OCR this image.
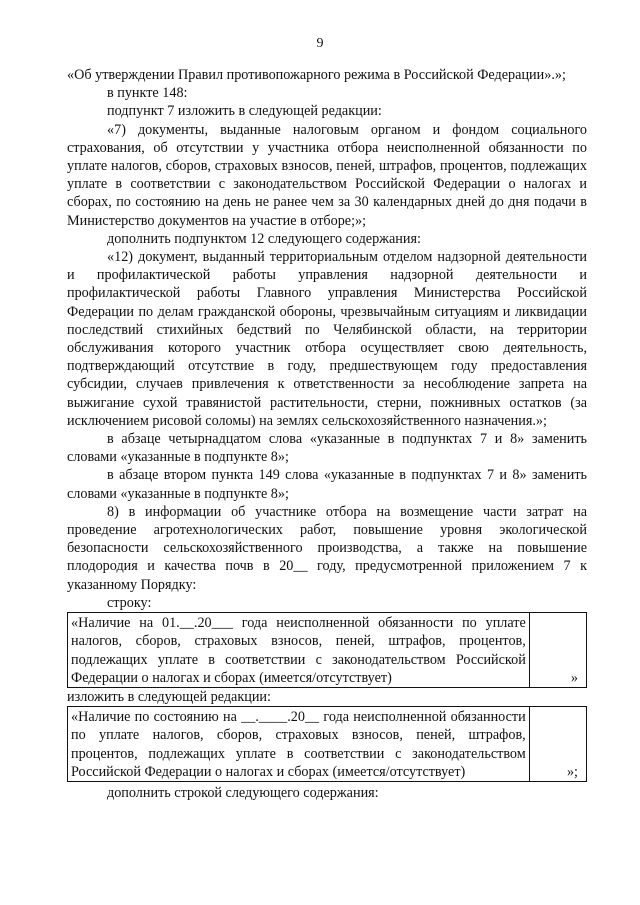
9

«Об утверждении Правил противопожарного режима в Российской Федерации».»;

в пункте 148:

подпункт 7 изложить в следующей редакции:

«7) документы, выданные налоговым органом и фондом социального страхования, об отсутствии у участника отбора неисполненной обязанности по уплате налогов, сборов, страховых взносов, пеней, штрафов, процентов, подлежащих уплате в соответствии с законодательством Российской Федерации о налогах и сборах, по состоянию на день не ранее чем за 30 календарных дней до дня подачи в Министерство документов на участие в отборе;»;

дополнить подпунктом 12 следующего содержания:

«12) документ, выданный территориальным отделом надзорной деятельности и профилактической работы управления надзорной деятельности и профилактической работы Главного управления Министерства Российской Федерации по делам гражданской обороны, чрезвычайным ситуациям и ликвидации последствий стихийных бедствий по Челябинской области, на территории обслуживания которого участник отбора осуществляет свою деятельность, подтверждающий отсутствие в году, предшествующем году предоставления субсидии, случаев привлечения к ответственности за несоблюдение запрета на выжигание сухой травянистой растительности, стерни, пожнивных остатков (за исключением рисовой соломы) на землях сельскохозяйственного назначения.»;

в абзаце четырнадцатом слова «указанные в подпунктах 7 и 8» заменить словами «указанные в подпункте 8»;

в абзаце втором пункта 149 слова «указанные в подпунктах 7 и 8» заменить словами «указанные в подпункте 8»;

8) в информации об участнике отбора на возмещение части затрат на проведение агротехнологических работ, повышение уровня экологической безопасности сельскохозяйственного производства, а также на повышение плодородия и качества почв в 20__ году, предусмотренной приложением 7 к указанному Порядку:

строку:

«Наличие на 01.__.20___ года неисполненной обязанности по уплате налогов, сборов, страховых взносов, пеней, штрафов, процентов, подлежащих уплате в соответствии с законодательством Российской Федерации о налогах и сборах (имеется/отсутствует)	»

изложить в следующей редакции:

«Наличие по состоянию на __.____.20__ года неисполненной обязанности по уплате налогов, сборов, страховых взносов, пеней, штрафов, процентов, подлежащих уплате в соответствии с законодательством Российской Федерации о налогах и сборах (имеется/отсутствует)	»;

дополнить строкой следующего содержания:
